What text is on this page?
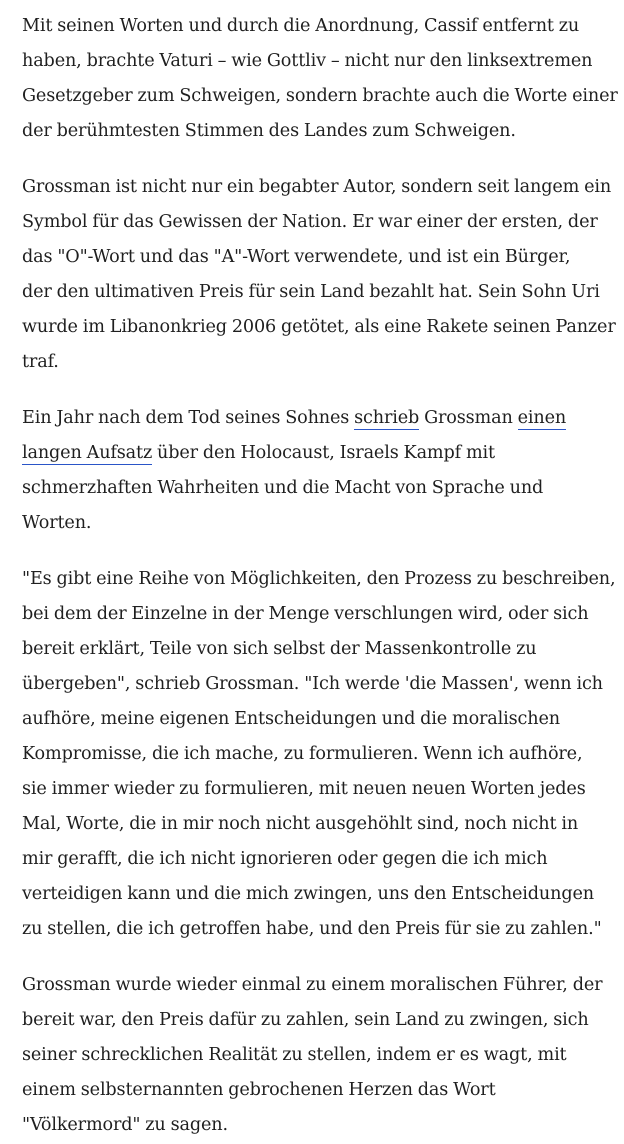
Mit seinen Worten und durch die Anordnung, Cassif entfernt zu
haben, brachte Vaturi – wie Gottliv – nicht nur den linksextremen
Gesetzgeber zum Schweigen, sondern brachte auch die Worte einer
der berühmtesten Stimmen des Landes zum Schweigen.

Grossman ist nicht nur ein begabter Autor, sondern seit langem ein
Symbol für das Gewissen der Nation. Er war einer der ersten, der
das "O"-Wort und das "A"-Wort verwendete, und ist ein Bürger,
der den ultimativen Preis für sein Land bezahlt hat. Sein Sohn Uri
wurde im Libanonkrieg 2006 getötet, als eine Rakete seinen Panzer
traf.

Ein Jahr nach dem Tod seines Sohnes schrieb Grossman einen
langen Aufsatz über den Holocaust, Israels Kampf mit
schmerzhaften Wahrheiten und die Macht von Sprache und
Worten.

"Es gibt eine Reihe von Möglichkeiten, den Prozess zu beschreiben,
bei dem der Einzelne in der Menge verschlungen wird, oder sich
bereit erklärt, Teile von sich selbst der Massenkontrolle zu
übergeben", schrieb Grossman. "Ich werde 'die Massen', wenn ich
aufhöre, meine eigenen Entscheidungen und die moralischen
Kompromisse, die ich mache, zu formulieren. Wenn ich aufhöre,
sie immer wieder zu formulieren, mit neuen neuen Worten jedes
Mal, Worte, die in mir noch nicht ausgehöhlt sind, noch nicht in
mir gerafft, die ich nicht ignorieren oder gegen die ich mich
verteidigen kann und die mich zwingen, uns den Entscheidungen
zu stellen, die ich getroffen habe, und den Preis für sie zu zahlen."

Grossman wurde wieder einmal zu einem moralischen Führer, der
bereit war, den Preis dafür zu zahlen, sein Land zu zwingen, sich
seiner schrecklichen Realität zu stellen, indem er es wagt, mit
einem selbsternannten gebrochenen Herzen das Wort
"Völkermord" zu sagen.
